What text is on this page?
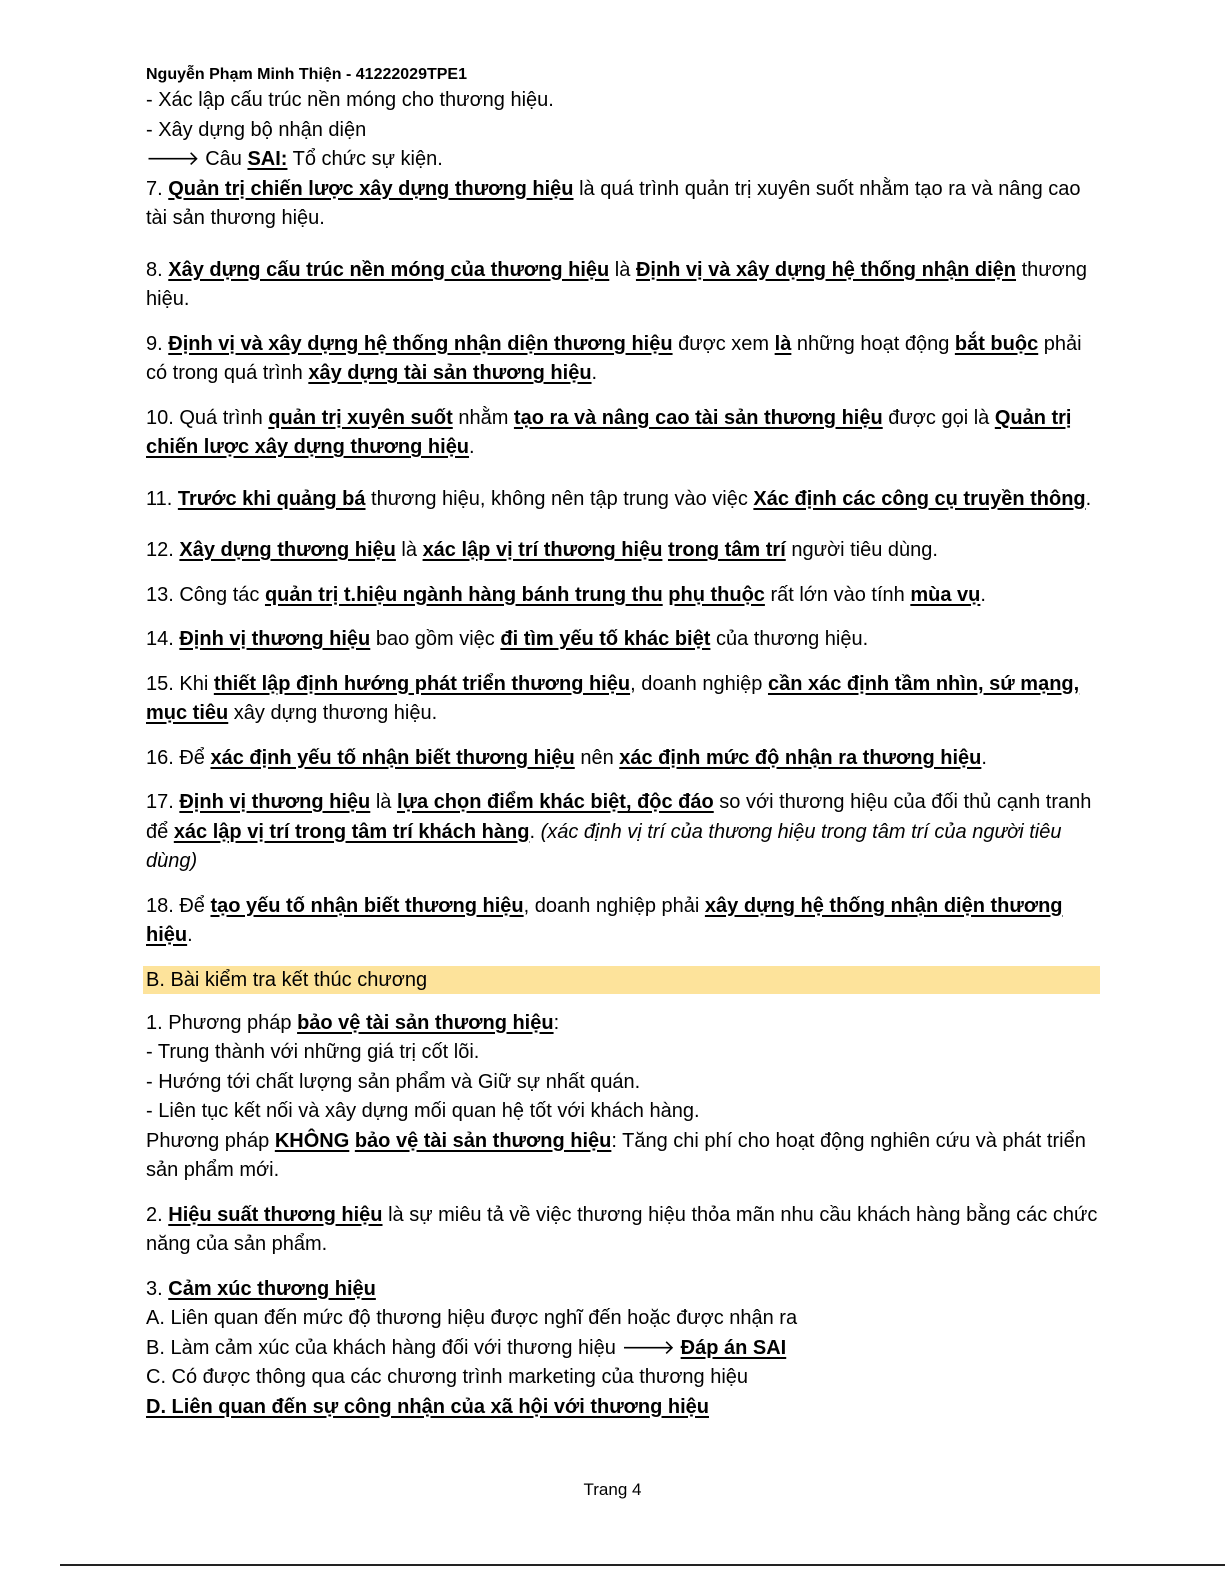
Nguyễn Phạm Minh Thiện - 41222029TPE1
- Xác lập cấu trúc nền móng cho thương hiệu.
- Xây dựng bộ nhận diện
🡒 Câu SAI: Tổ chức sự kiện.
7. Quản trị chiến lược xây dựng thương hiệu là quá trình quản trị xuyên suốt nhằm tạo ra và nâng cao tài sản thương hiệu.
8. Xây dựng cấu trúc nền móng của thương hiệu là Định vị và xây dựng hệ thống nhận diện thương hiệu.
9. Định vị và xây dựng hệ thống nhận diện thương hiệu được xem là những hoạt động bắt buộc phải có trong quá trình xây dựng tài sản thương hiệu.
10. Quá trình quản trị xuyên suốt nhằm tạo ra và nâng cao tài sản thương hiệu được gọi là Quản trị chiến lược xây dựng thương hiệu.
11. Trước khi quảng bá thương hiệu, không nên tập trung vào việc Xác định các công cụ truyền thông.
12. Xây dựng thương hiệu là xác lập vị trí thương hiệu trong tâm trí người tiêu dùng.
13. Công tác quản trị t.hiệu ngành hàng bánh trung thu phụ thuộc rất lớn vào tính mùa vụ.
14. Định vị thương hiệu bao gồm việc đi tìm yếu tố khác biệt của thương hiệu.
15. Khi thiết lập định hướng phát triển thương hiệu, doanh nghiệp cần xác định tầm nhìn, sứ mạng, mục tiêu xây dựng thương hiệu.
16. Để xác định yếu tố nhận biết thương hiệu nên xác định mức độ nhận ra thương hiệu.
17. Định vị thương hiệu là lựa chọn điểm khác biệt, độc đáo so với thương hiệu của đối thủ cạnh tranh để xác lập vị trí trong tâm trí khách hàng. (xác định vị trí của thương hiệu trong tâm trí của người tiêu dùng)
18. Để tạo yếu tố nhận biết thương hiệu, doanh nghiệp phải xây dựng hệ thống nhận diện thương hiệu.
B. Bài kiểm tra kết thúc chương
1. Phương pháp bảo vệ tài sản thương hiệu:
- Trung thành với những giá trị cốt lõi.
- Hướng tới chất lượng sản phẩm và Giữ sự nhất quán.
- Liên tục kết nối và xây dựng mối quan hệ tốt với khách hàng.
Phương pháp KHÔNG bảo vệ tài sản thương hiệu: Tăng chi phí cho hoạt động nghiên cứu và phát triển sản phẩm mới.
2. Hiệu suất thương hiệu là sự miêu tả về việc thương hiệu thỏa mãn nhu cầu khách hàng bằng các chức năng của sản phẩm.
3. Cảm xúc thương hiệu
A. Liên quan đến mức độ thương hiệu được nghĩ đến hoặc được nhận ra
B. Làm cảm xúc của khách hàng đối với thương hiệu 🡒 Đáp án SAI
C. Có được thông qua các chương trình marketing của thương hiệu
D. Liên quan đến sự công nhận của xã hội với thương hiệu
Trang 4
